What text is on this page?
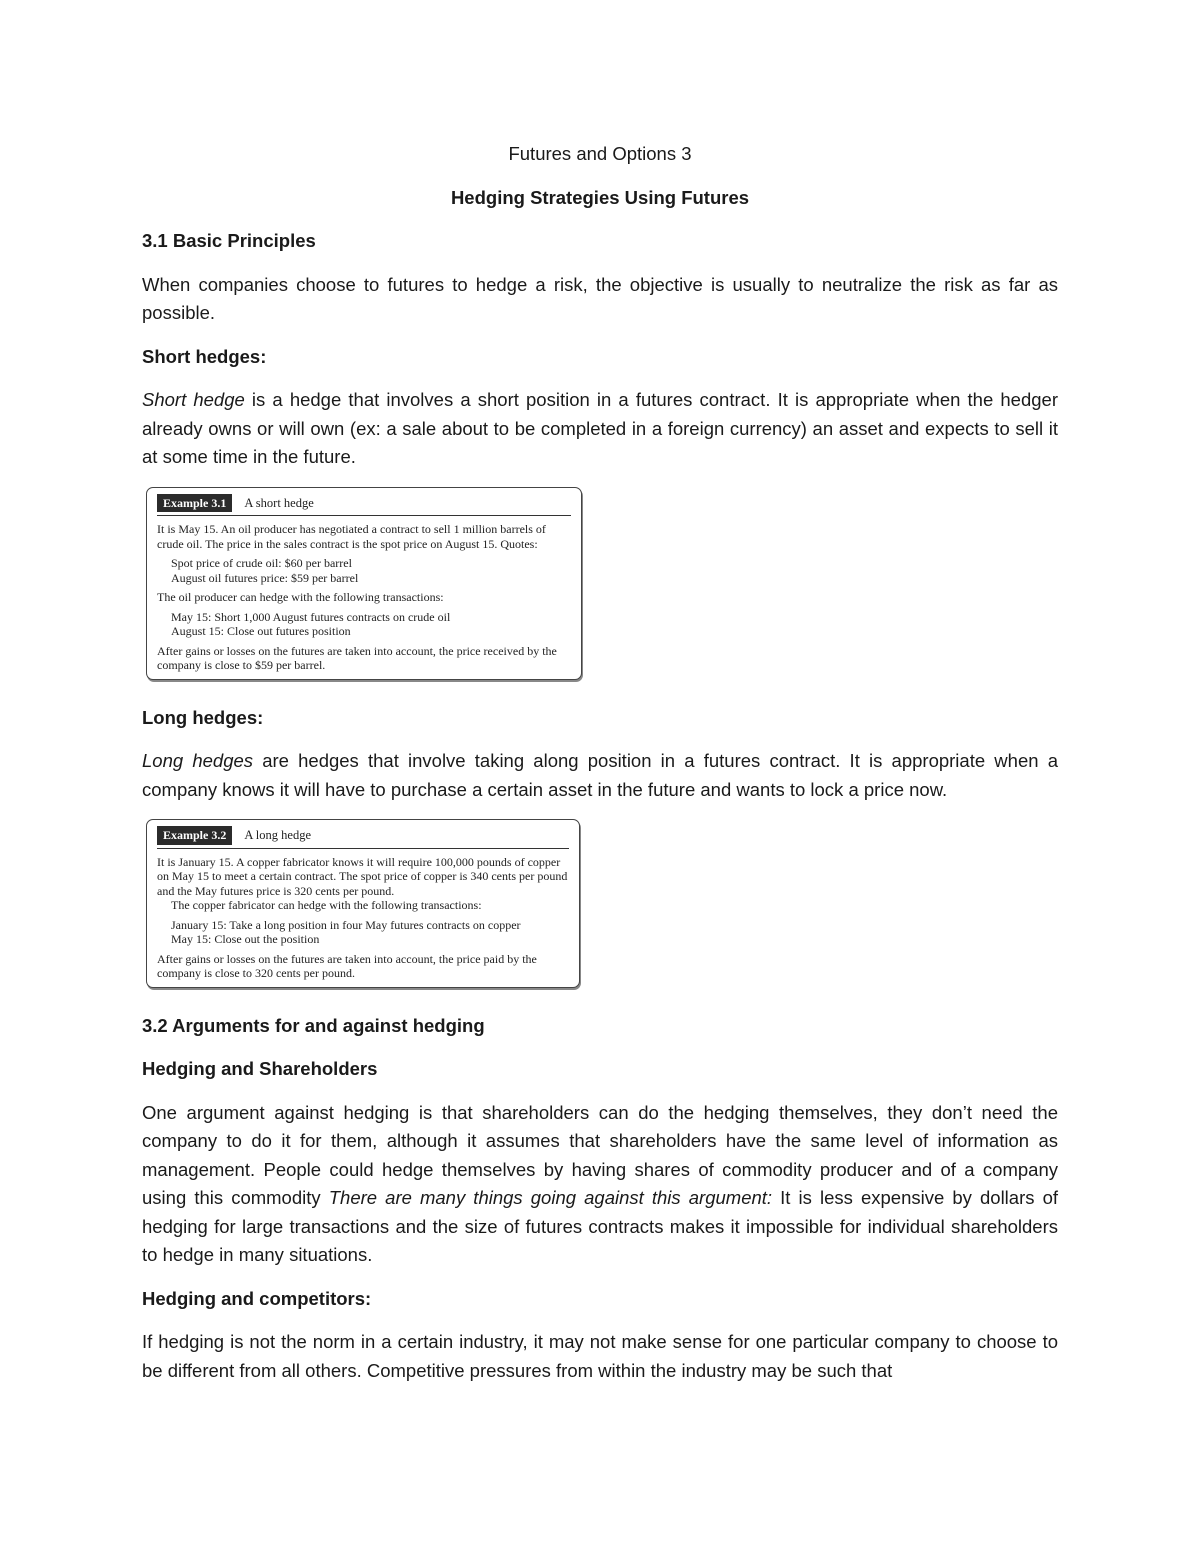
Futures and Options 3

Hedging Strategies Using Futures

3.1 Basic Principles

When companies choose to futures to hedge a risk, the objective is usually to neutralize the risk as far as possible.

Short hedges:

Short hedge is a hedge that involves a short position in a futures contract. It is appropriate when the hedger already owns or will own (ex: a sale about to be completed in a foreign currency) an asset and expects to sell it at some time in the future.

Example 3.1	A short hedge

It is May 15. An oil producer has negotiated a contract to sell 1 million barrels of crude oil. The price in the sales contract is the spot price on August 15. Quotes:

Spot price of crude oil: $60 per barrel

August oil futures price: $59 per barrel

The oil producer can hedge with the following transactions:

May 15: Short 1,000 August futures contracts on crude oil

August 15: Close out futures position

After gains or losses on the futures are taken into account, the price received by the company is close to $59 per barrel.

Long hedges:

Long hedges are hedges that involve taking along position in a futures contract. It is appropriate when a company knows it will have to purchase a certain asset in the future and wants to lock a price now.

Example 3.2	A long hedge

It is January 15. A copper fabricator knows it will require 100,000 pounds of copper on May 15 to meet a certain contract. The spot price of copper is 340 cents per pound and the May futures price is 320 cents per pound.

The copper fabricator can hedge with the following transactions:

January 15: Take a long position in four May futures contracts on copper

May 15: Close out the position

After gains or losses on the futures are taken into account, the price paid by the company is close to 320 cents per pound.

3.2 Arguments for and against hedging

Hedging and Shareholders

One argument against hedging is that shareholders can do the hedging themselves, they don’t need the company to do it for them, although it assumes that shareholders have the same level of information as management. People could hedge themselves by having shares of commodity producer and of a company using this commodity There are many things going against this argument: It is less expensive by dollars of hedging for large transactions and the size of futures contracts makes it impossible for individual shareholders to hedge in many situations.

Hedging and competitors:

If hedging is not the norm in a certain industry, it may not make sense for one particular company to choose to be different from all others. Competitive pressures from within the industry may be such that
